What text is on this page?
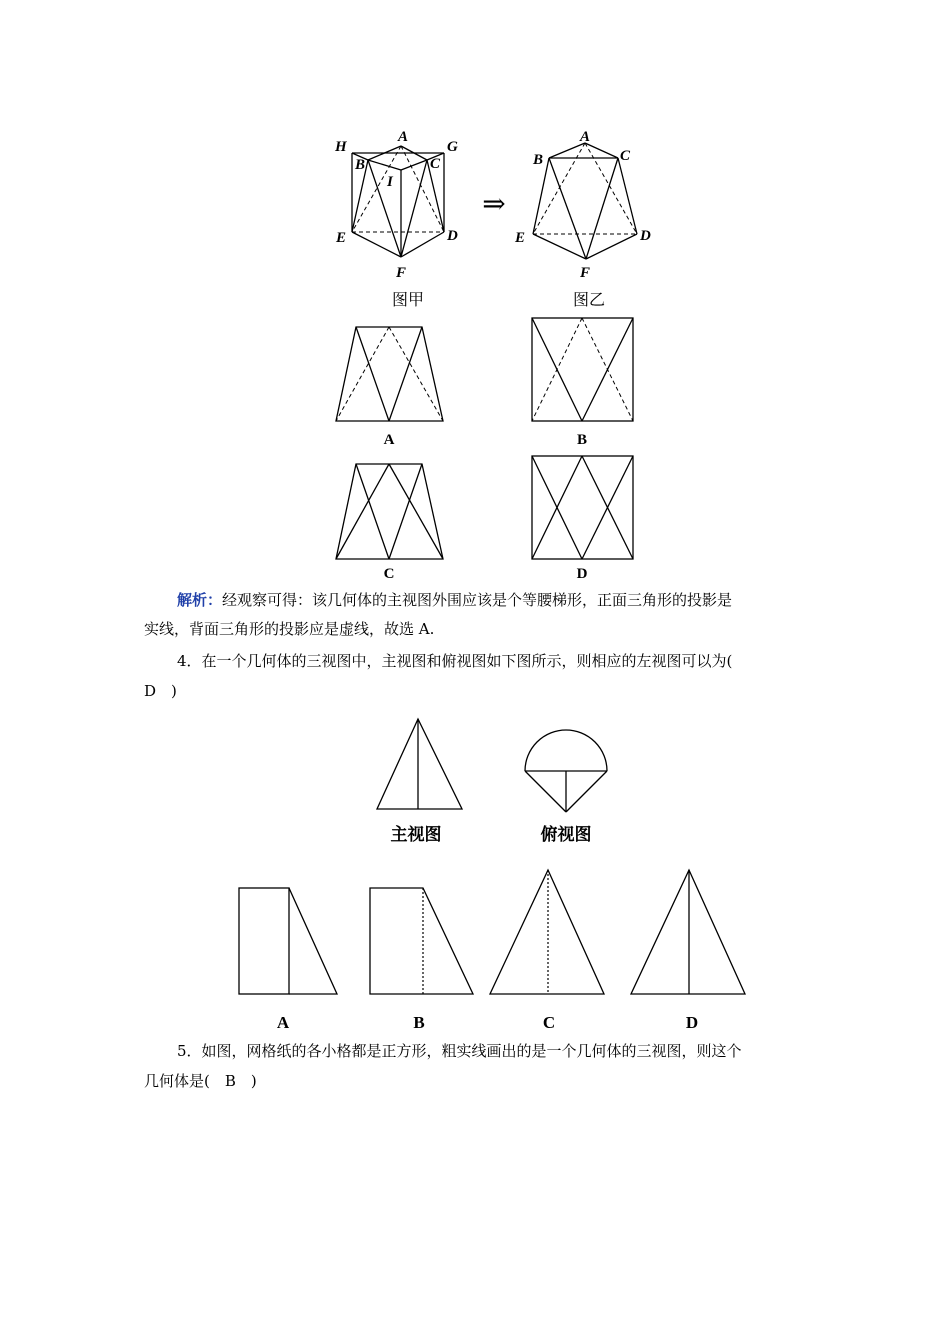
⇒
H
A
G
B	C
I
E	D
F
A
B	C
E	D
F
图甲	图乙
A	B
C	D

解析：经观察可得：该几何体的主视图外围应该是个等腰梯形，正面三角形的投影是

实线，背面三角形的投影应是虚线，故选 A.

4．在一个几何体的三视图中，主视图和俯视图如下图所示，则相应的左视图可以为(

D　)

主视图	俯视图
A	B	C	D

5．如图，网格纸的各小格都是正方形，粗实线画出的是一个几何体的三视图，则这个

几何体是(　B　)
